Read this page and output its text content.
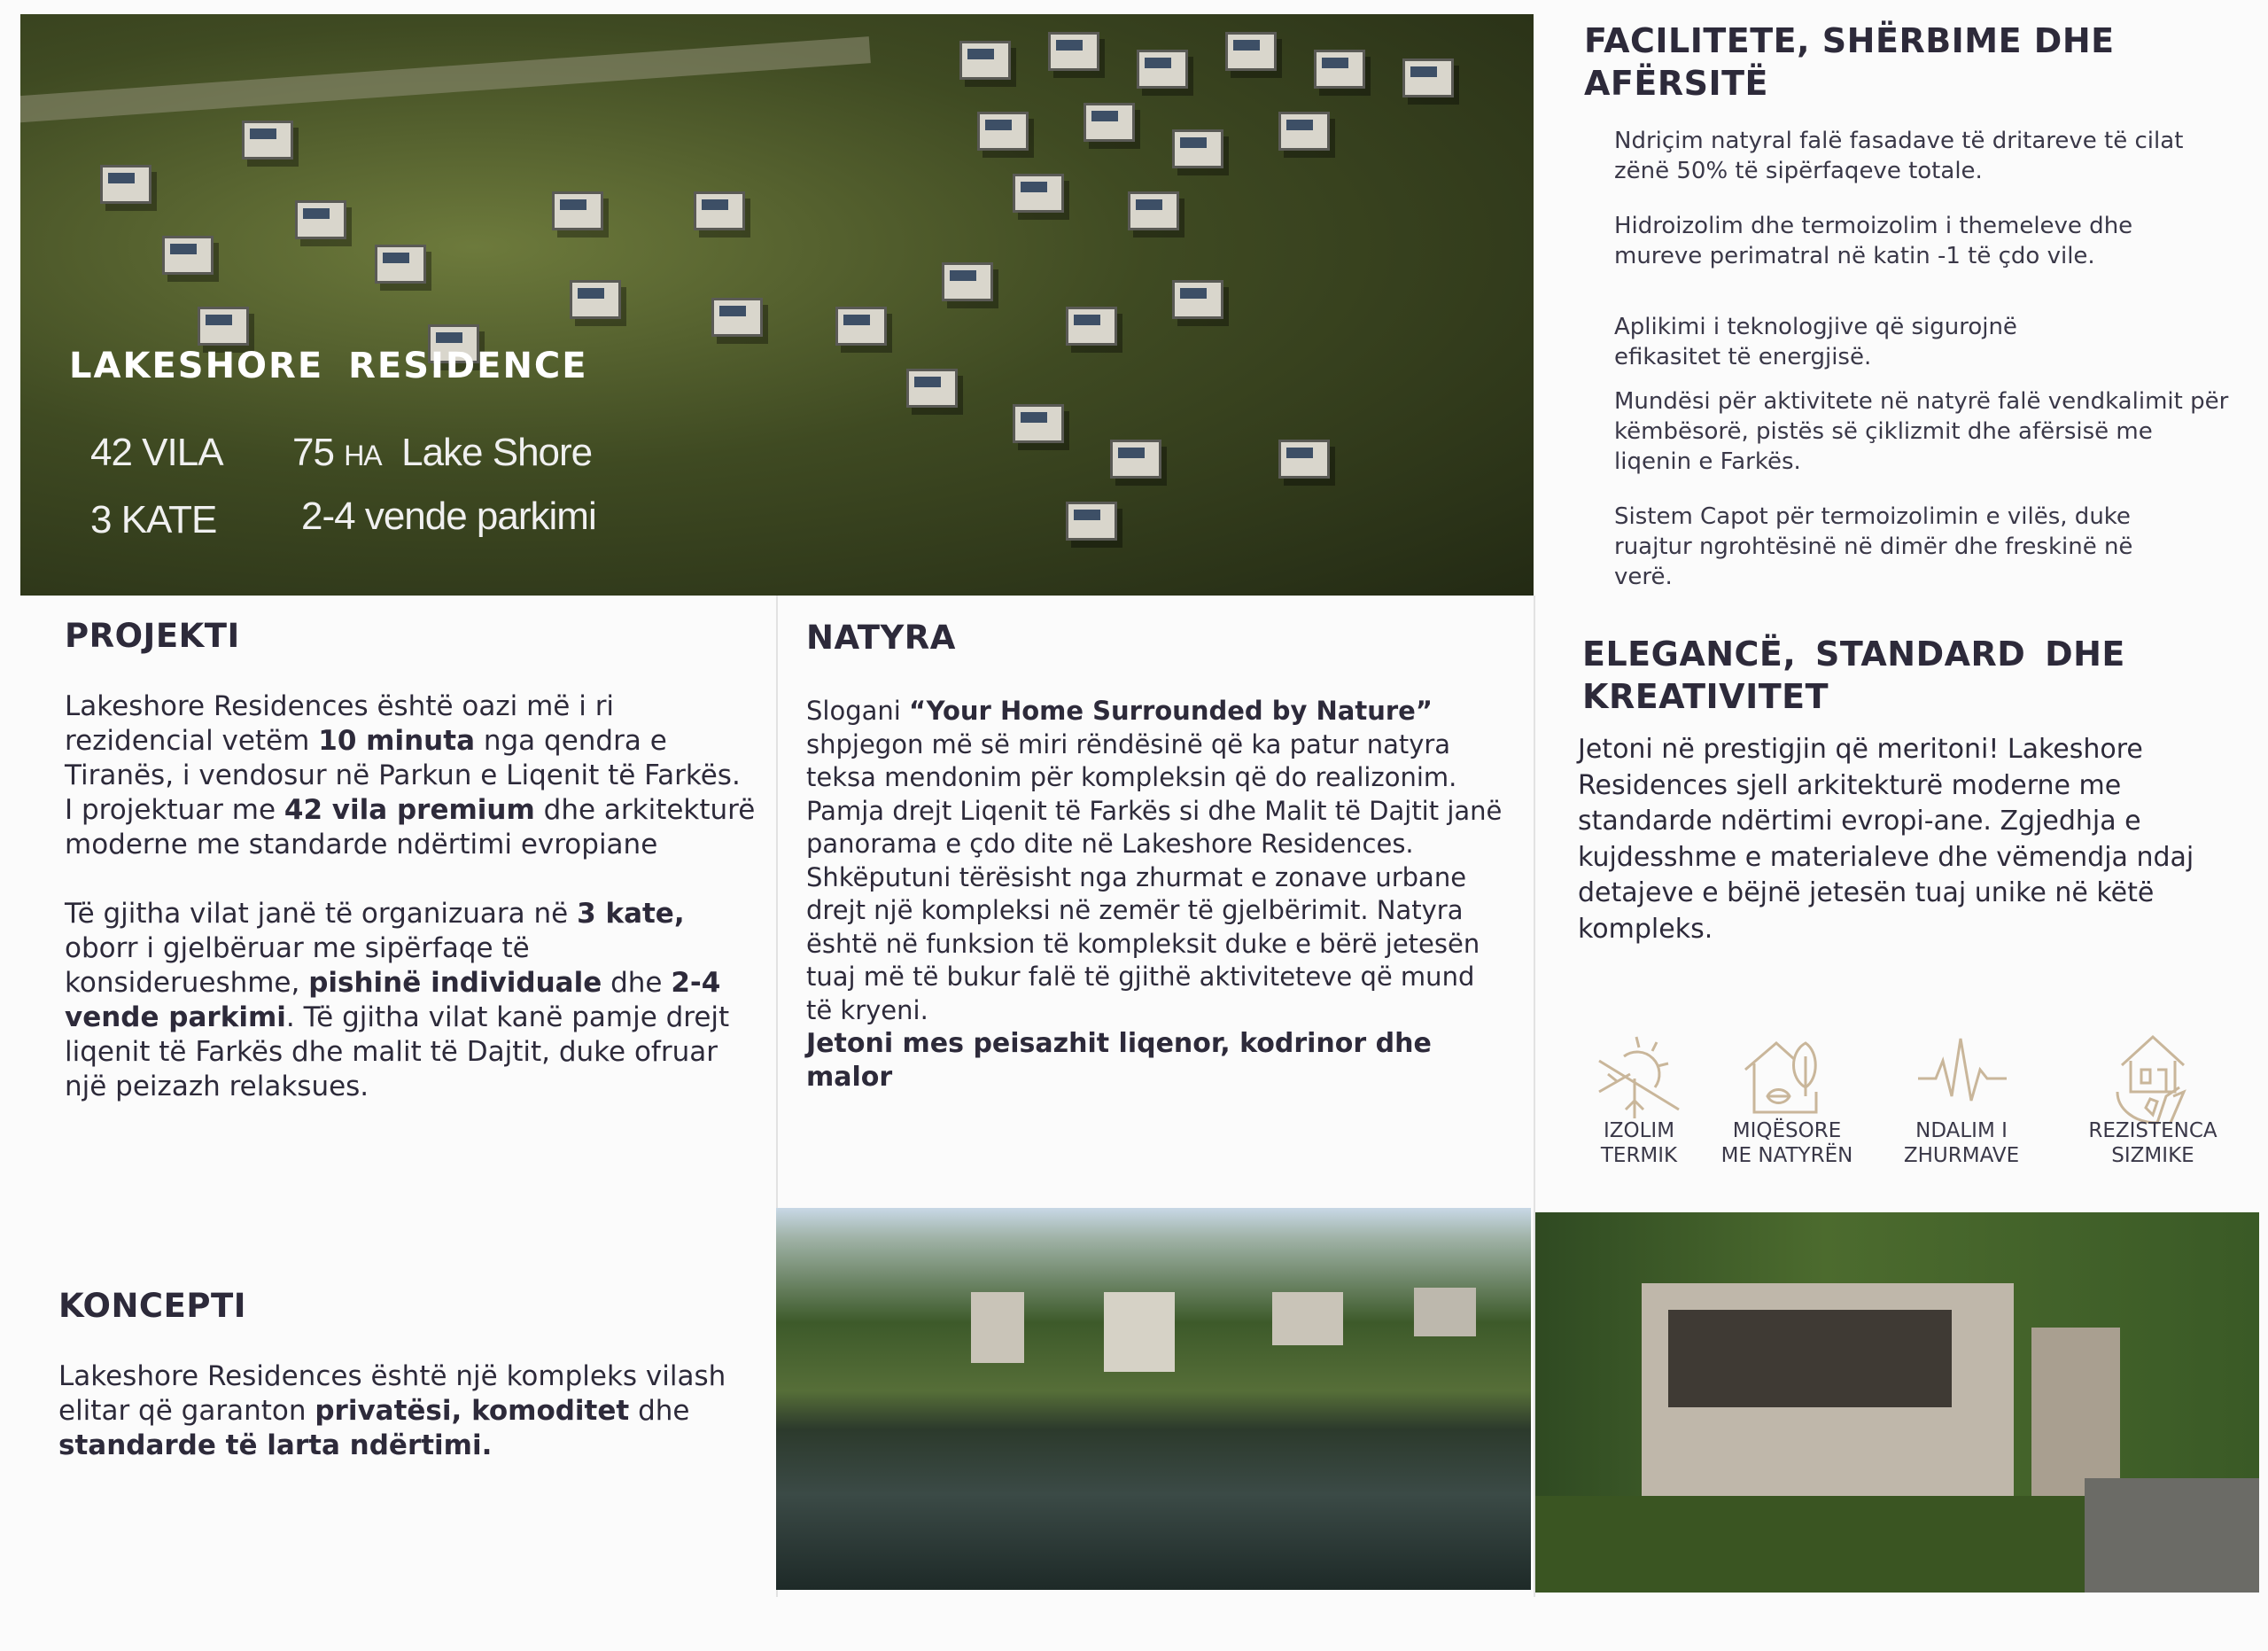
LAKESHORE RESIDENCE
42 VILA 75 HA Lake Shore
3 KATE 2-4 vende parkimi
PROJEKTI

Lakeshore Residences është oazi më i ri rezidencial vetëm 10 minuta nga qendra e Tiranës, i vendosur në Parkun e Liqenit të Farkës.

I projektuar me 42 vila premium dhe arkitekturë moderne me standarde ndërtimi evropiane

Të gjitha vilat janë të organizuara në 3 kate, oborr i gjelbëruar me sipërfaqe të konsiderueshme, pishinë individuale dhe 2-4 vende parkimi. Të gjitha vilat kanë pamje drejt liqenit të Farkës dhe malit të Dajtit, duke ofruar një peizazh relaksues.

KONCEPTI
Lakeshore Residences është një kompleks vilash elitar që garanton privatësi, komoditet dhe standarde të larta ndërtimi.
NATYRA

Slogani “Your Home Surrounded by Nature” shpjegon më së miri rëndësinë që ka patur natyra teksa mendonim për kompleksin që do realizonim.

Pamja drejt Liqenit të Farkës si dhe Malit të Dajtit janë panorama e çdo dite në Lakeshore Residences.

Shkëputuni tërësisht nga zhurmat e zonave urbane drejt një kompleksi në zemër të gjelbërimit. Natyra është në funksion të kompleksit duke e bërë jetesën tuaj më të bukur falë të gjithë aktiviteteve që mund të kryeni.

Jetoni mes peisazhit liqenor, kodrinor dhe malor

FACILITETE, SHËRBIME DHE AFËRSITË
Ndriçim natyral falë fasadave të dritareve të cilat zënë 50% të sipërfaqeve totale.
Hidroizolim dhe termoizolim i themeleve dhe mureve perimatral në katin -1 të çdo vile.
Aplikimi i teknologjive që sigurojnë efikasitet të energjisë.
Mundësi për aktivitete në natyrë falë vendkalimit për këmbësorë, pistës së çiklizmit dhe afërsisë me liqenin e Farkës.
Sistem Capot për termoizolimin e vilës, duke ruajtur ngrohtësinë në dimër dhe freskinë në verë.
ELEGANCË, STANDARD DHE KREATIVITET
Jetoni në prestigjin që meritoni! Lakeshore Residences sjell arkitekturë moderne me standarde ndërtimi evropi-ane. Zgjedhja e kujdesshme e materialeve dhe vëmendja ndaj detajeve e bëjnë jetesën tuaj unike në këtë kompleks.
IZOLIM
TERMIK
MIQËSORE
ME NATYRËN
NDALIM I
ZHURMAVE
REZISTENCA
SIZMIKE
